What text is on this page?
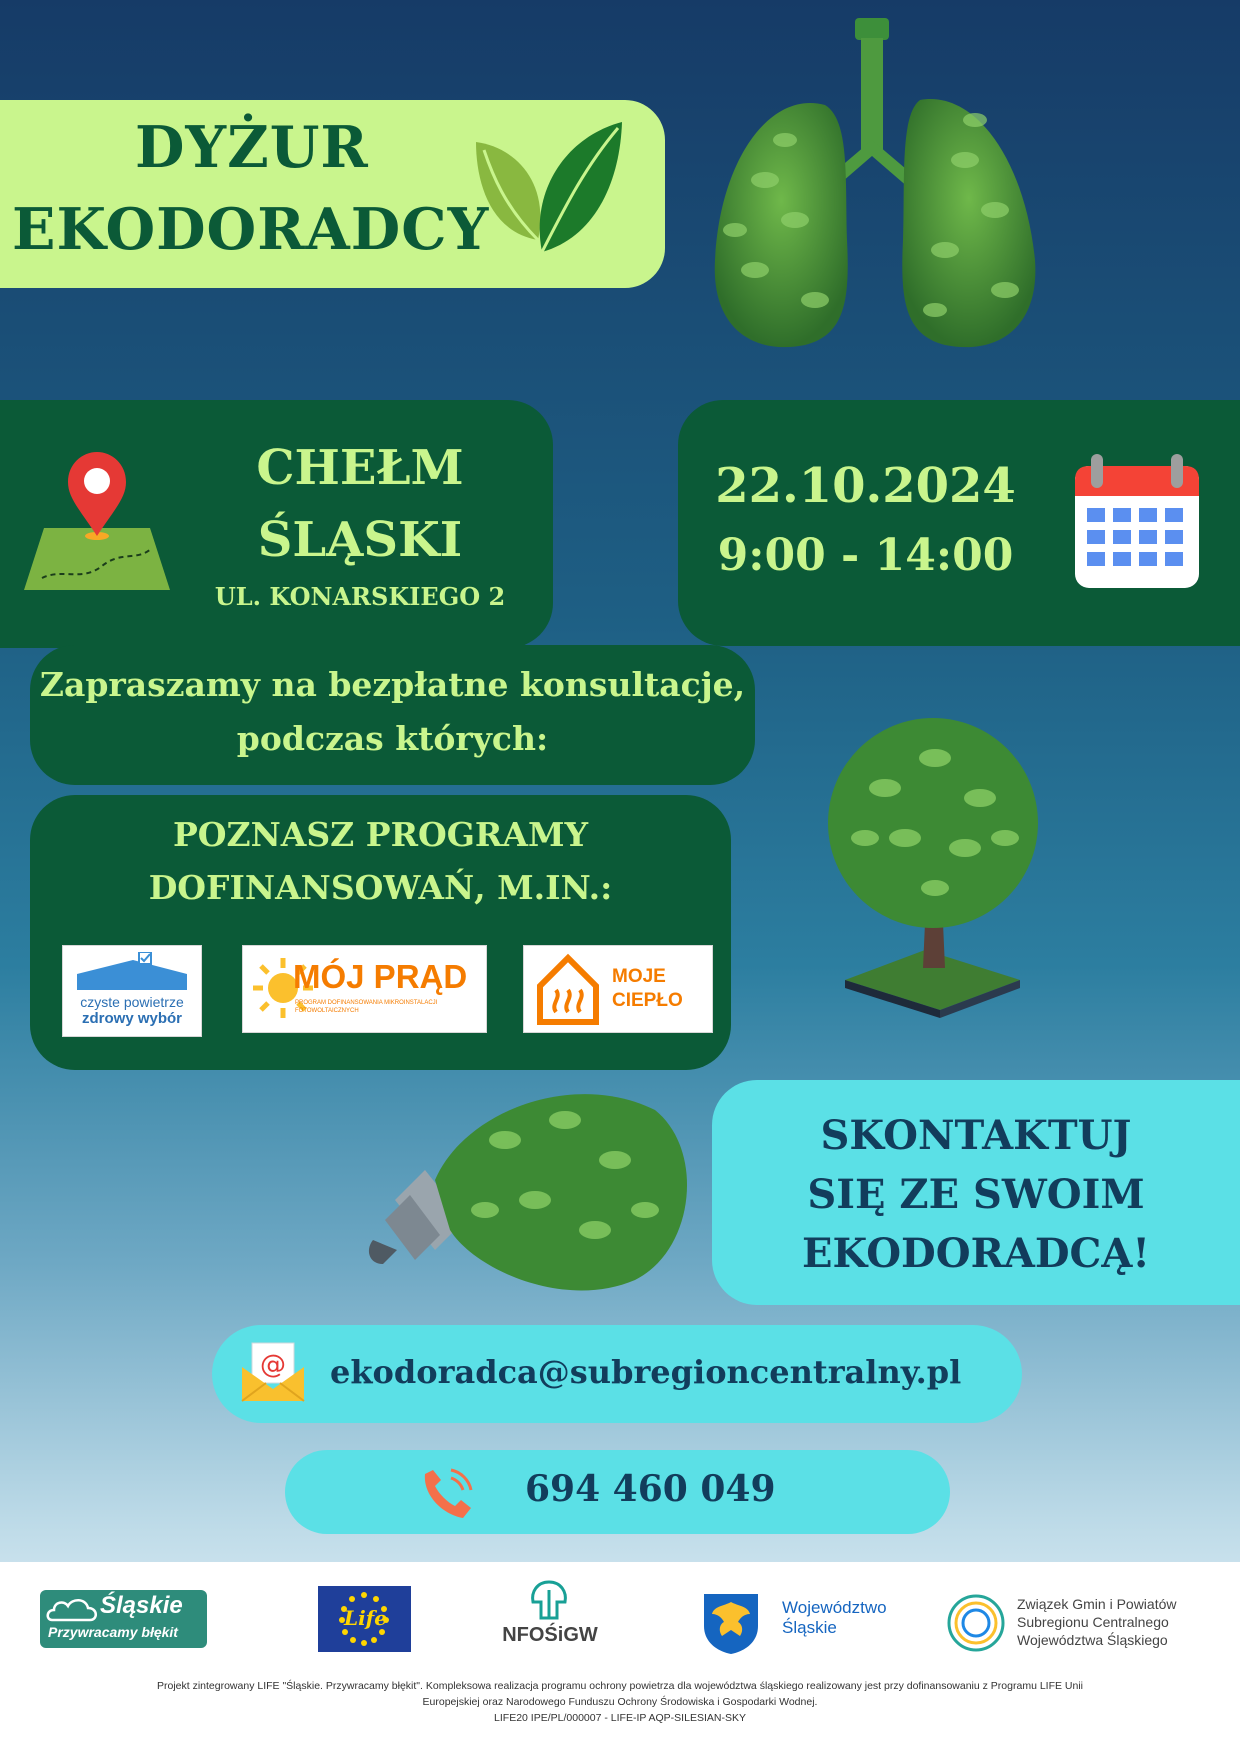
DYŻUR
EKODORADCY
CHEŁM
ŚLĄSKI
UL. KONARSKIEGO 2
22.10.2024
9:00 - 14:00
Zapraszamy na bezpłatne konsultacje,
podczas których:
POZNASZ PROGRAMY
DOFINANSOWAŃ, M.IN.:
czyste powietrze
zdrowy wybór
MÓJ PRĄD
PROGRAM DOFINANSOWANIA MIKROINSTALACJI
FOTOWOLTAICZNYCH
MOJE
CIEPŁO
SKONTAKTUJ
SIĘ ZE SWOIM
EKODORADCĄ!
@ ekodoradca@subregioncentralny.pl
694 460 049
Śląskie
Przywracamy błękit
Life
NFOŚiGW
Województwo
Śląskie
Związek Gmin i Powiatów
Subregionu Centralnego
Województwa Śląskiego
Projekt zintegrowany LIFE "Śląskie. Przywracamy błękit". Kompleksowa realizacja programu ochrony powietrza dla województwa śląskiego realizowany jest przy dofinansowaniu z Programu LIFE Unii
Europejskiej oraz Narodowego Funduszu Ochrony Środowiska i Gospodarki Wodnej.
LIFE20 IPE/PL/000007 - LIFE-IP AQP-SILESIAN-SKY
